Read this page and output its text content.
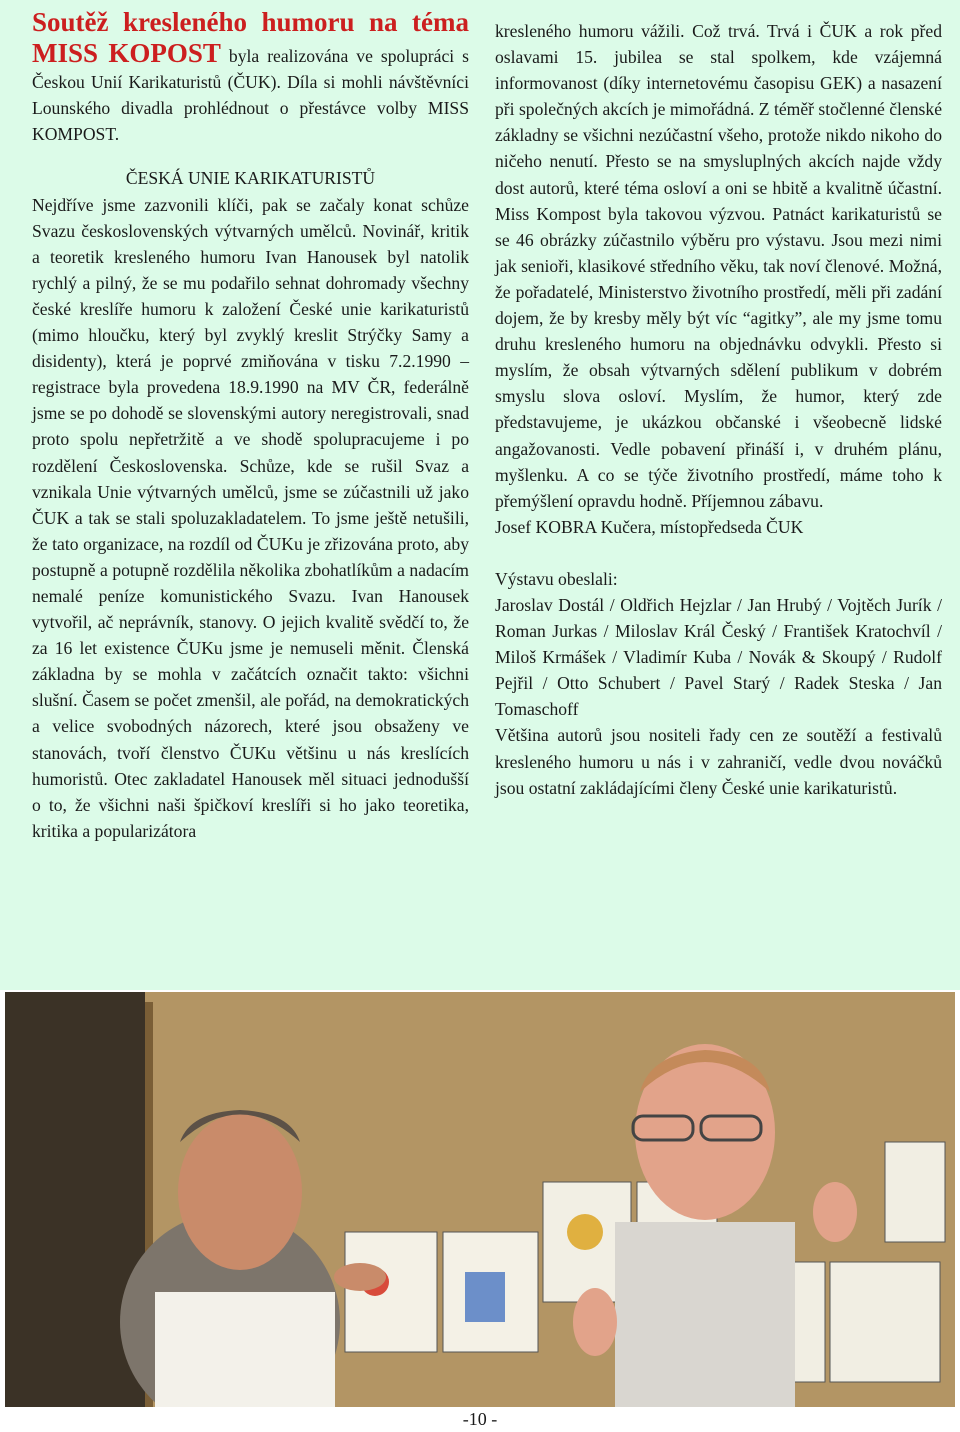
Soutěž kresleného humoru na téma MISS KOPOST byla realizována ve spolupráci s Českou Unií Karikaturistů (ČUK). Díla si mohli návštěvníci Lounského divadla prohlédnout o přestávce volby MISS KOMPOST.

ČESKÁ UNIE KARIKATURISTŮ

Nejdříve jsme zazvonili klíči, pak se začaly konat schůze Svazu československých výtvarných umělců. Novinář, kritik a teoretik kresleného humoru Ivan Hanousek byl natolik rychlý a pilný, že se mu podařilo sehnat dohromady všechny české kreslíře humoru k založení České unie karikaturistů (mimo hloučku, který byl zvyklý kreslit Strýčky Samy a disidenty), která je poprvé zmiňována v tisku 7.2.1990 – registrace byla provedena 18.9.1990 na MV ČR, federálně jsme se po dohodě se slovenskými autory neregistrovali, snad proto spolu nepřetržitě a ve shodě spolupracujeme i po rozdělení Československa. Schůze, kde se rušil Svaz a vznikala Unie výtvarných umělců, jsme se zúčastnili už jako ČUK a tak se stali spoluzakladatelem. To jsme ještě netušili, že tato organizace, na rozdíl od ČUKu je zřizována proto, aby postupně a potupně rozdělila několika zbohatlíkům a nadacím nemalé peníze komunistického Svazu. Ivan Hanousek vytvořil, ač neprávník, stanovy. O jejich kvalitě svědčí to, že za 16 let existence ČUKu jsme je nemuseli měnit. Členská základna by se mohla v začátcích označit takto: všichni slušní. Časem se počet zmenšil, ale pořád, na demokratických a velice svobodných názorech, které jsou obsaženy ve stanovách, tvoří členstvo ČUKu většinu u nás kreslících humoristů. Otec zakladatel Hanousek měl situaci jednodušší o to, že všichni naši špičkoví kreslíři si ho jako teoretika, kritika a popularizátora

kresleného humoru vážili. Což trvá. Trvá i ČUK a rok před oslavami 15. jubilea se stal spolkem, kde vzájemná informovanost (díky internetovému časopisu GEK) a nasazení při společných akcích je mimořádná. Z téměř stočlenné členské základny se všichni nezúčastní všeho, protože nikdo nikoho do ničeho nenutí. Přesto se na smysluplných akcích najde vždy dost autorů, které téma osloví a oni se hbitě a kvalitně účastní. Miss Kompost byla takovou výzvou. Patnáct karikaturistů se se 46 obrázky zúčastnilo výběru pro výstavu. Jsou mezi nimi jak senioři, klasikové středního věku, tak noví členové. Možná, že pořadatelé, Ministerstvo životního prostředí, měli při zadání dojem, že by kresby měly být víc “agitky”, ale my jsme tomu druhu kresleného humoru na objednávku odvykli. Přesto si myslím, že obsah výtvarných sdělení publikum v dobrém smyslu slova osloví. Myslím, že humor, který zde představujeme, je ukázkou občanské i všeobecně lidské angažovanosti. Vedle pobavení přináší i, v druhém plánu, myšlenku. A co se týče životního prostředí, máme toho k přemýšlení opravdu hodně. Příjemnou zábavu.

Josef KOBRA Kučera, místopředseda ČUK

Výstavu obeslali:

Jaroslav Dostál / Oldřich Hejzlar / Jan Hrubý / Vojtěch Jurík / Roman Jurkas / Miloslav Král Český / František Kratochvíl / Miloš Krmášek / Vladimír Kuba / Novák & Skoupý / Rudolf Pejřil / Otto Schubert / Pavel Starý / Radek Steska / Jan Tomaschoff

Většina autorů jsou nositeli řady cen ze soutěží a festivalů kresleného humoru u nás i v zahraničí, vedle dvou nováčků jsou ostatní zakládajícími členy České unie karikaturistů.

-10 -
